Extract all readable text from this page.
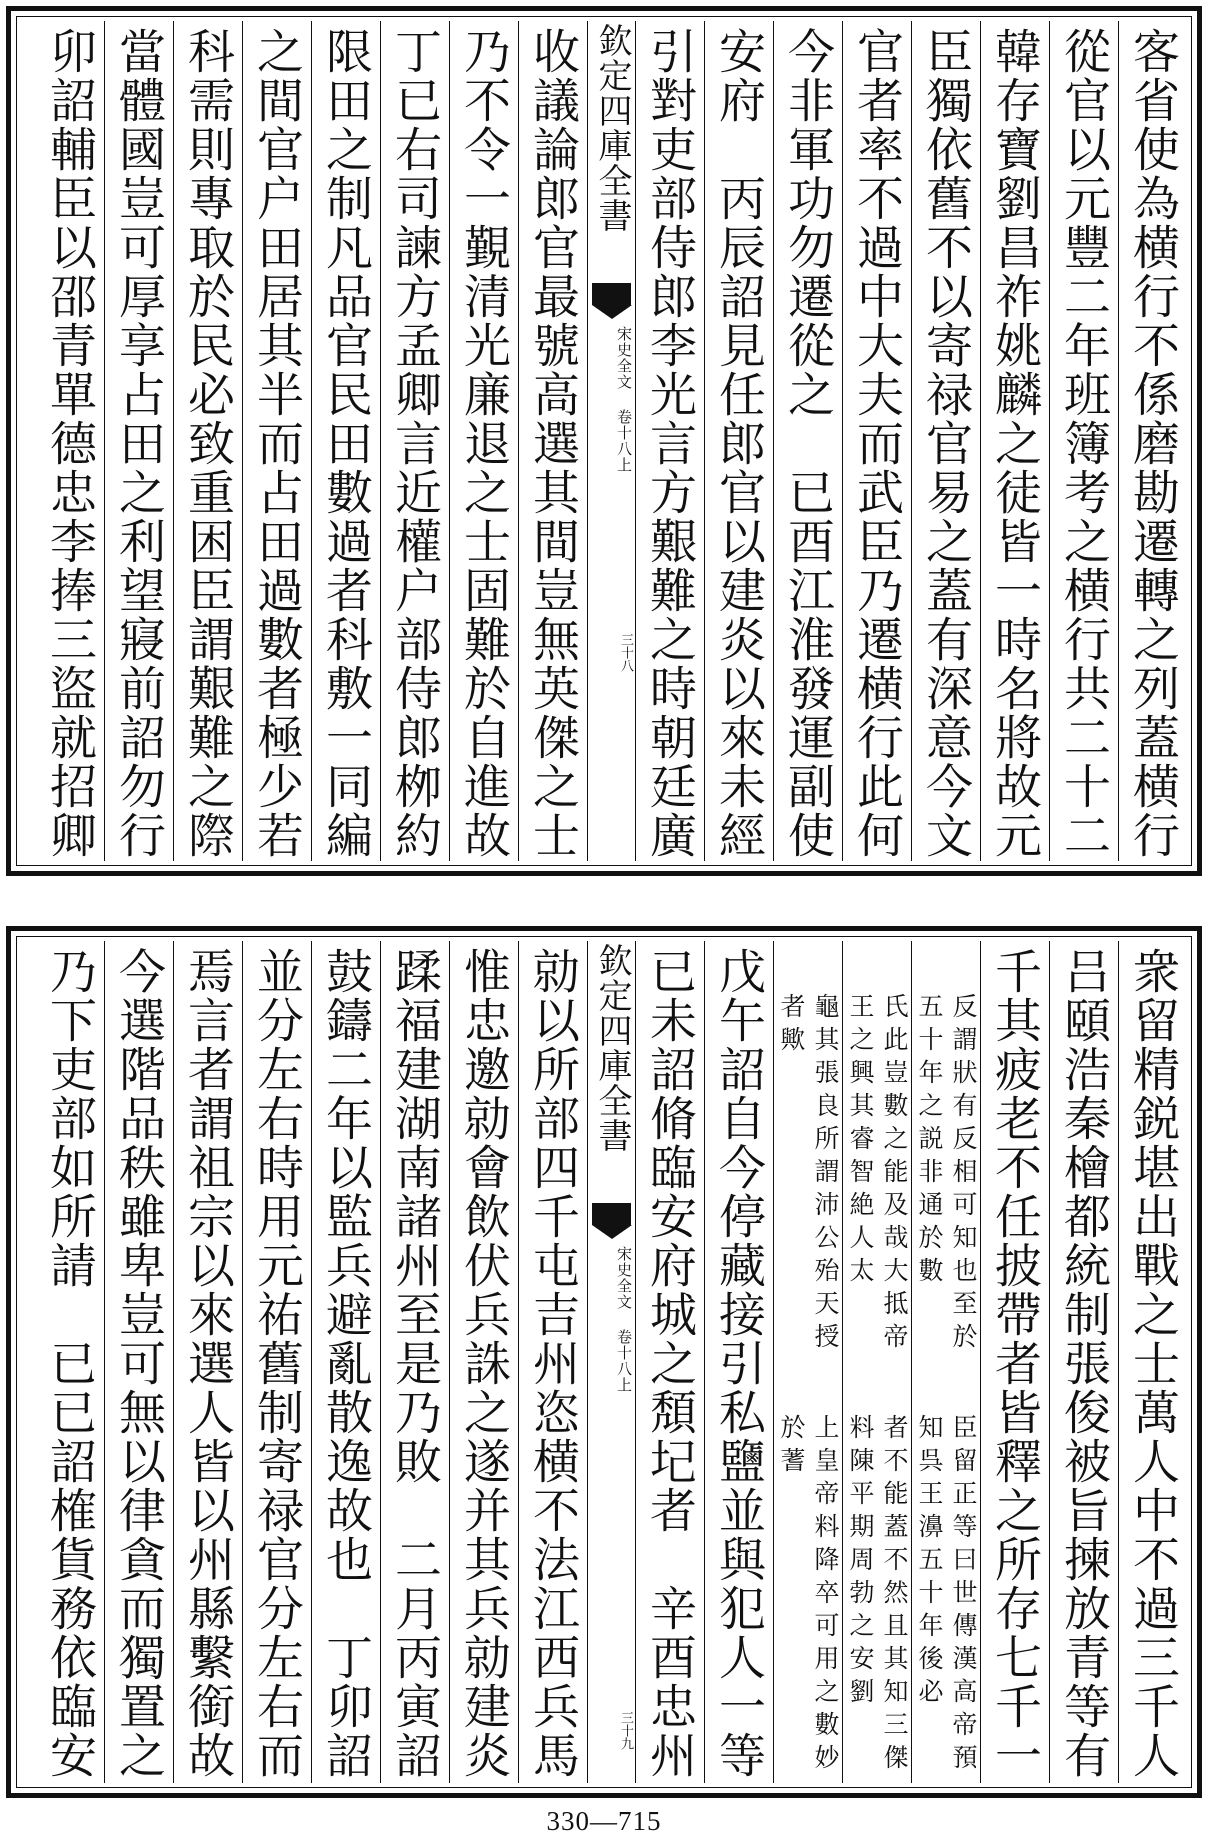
客省使為横行不係磨勘遷轉之列蓋横行
從官以元豐二年班簿考之横行共二十二
韓存寶劉昌祚姚麟之徒皆一時名將故元
臣獨依舊不以寄禄官易之蓋有深意今文
官者率不過中大夫而武臣乃遷横行此何
今非軍功勿遷從之　已酉江淮發運副使
安府　丙辰詔見任郎官以建炎以來未經
引對吏部侍郎李光言方艱難之時朝廷廣
欽定四庫全書
宋史全文 卷十八上
三十八
收議論郎官最號高選其間豈無英傑之士
乃不令一覲清光廉退之士固難於自進故
丁已右司諫方孟卿言近權户部侍郎栁約
限田之制凡品官民田數過者科敷一同編
之間官户田居其半而占田過數者極少若
科需則專取於民必致重困臣謂艱難之際
當體國豈可厚享占田之利望寢前詔勿行　
卯詔輔臣以邵青單德忠李捧三盜就招卿
衆留精鋭堪出戰之士萬人中不過三千人
吕頤浩秦檜都統制張俊被旨揀放青等有
千其疲老不任披帶者皆釋之所存七千一
臣留正等曰世傳漢高帝預知呉王濞五十年後必
反謂狀有反相可知也至於五十年之説非通於數
者不能蓋不然且其知三傑料陳平期周勃之安劉
氏此豈數之能及哉大抵帝王之興其睿智絶人太
上皇帝料降卒可用之數妙於蓍
龜其張良所謂沛公殆天授者歟
戊午詔自今停藏接引私鹽並與犯人一等
已未詔脩臨安府城之頽圮者　辛酉忠州
欽定四庫全書
宋史全文 卷十八上
三十九
勍以所部四千屯吉州恣横不法江西兵馬
惟忠邀勍會飲伏兵誅之遂并其兵勍建炎
蹂福建湖南諸州至是乃敗　二月丙寅詔
鼓鑄二年以監兵避亂散逸故也　丁卯詔
並分左右時用元祐舊制寄禄官分左右而
焉言者謂祖宗以來選人皆以州縣繫銜故
今選階品秩雖卑豈可無以律貪而獨置之
乃下吏部如所請　已已詔榷貨務依臨安
330—715
